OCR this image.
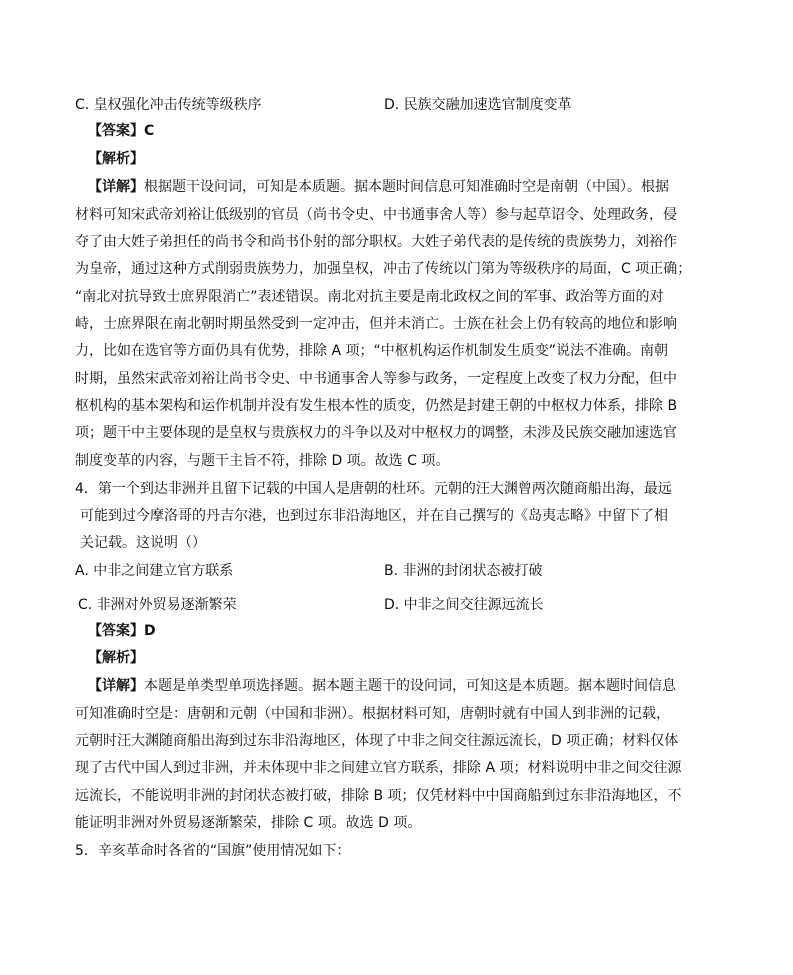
C. 皇权强化冲击传统等级秩序	D. 民族交融加速选官制度变革
【答案】C
【解析】
【详解】根据题干设问词，可知是本质题。据本题时间信息可知准确时空是南朝（中国）。根据
材料可知宋武帝刘裕让低级别的官员（尚书令史、中书通事舍人等）参与起草诏令、处理政务，侵
夺了由大姓子弟担任的尚书令和尚书仆射的部分职权。大姓子弟代表的是传统的贵族势力，刘裕作
为皇帝，通过这种方式削弱贵族势力，加强皇权，冲击了传统以门第为等级秩序的局面，C 项正确；
“南北对抗导致士庶界限消亡”表述错误。南北对抗主要是南北政权之间的军事、政治等方面的对
峙，士庶界限在南北朝时期虽然受到一定冲击，但并未消亡。士族在社会上仍有较高的地位和影响
力，比如在选官等方面仍具有优势，排除 A 项；“中枢机构运作机制发生质变”说法不准确。南朝
时期，虽然宋武帝刘裕让尚书令史、中书通事舍人等参与政务，一定程度上改变了权力分配，但中
枢机构的基本架构和运作机制并没有发生根本性的质变，仍然是封建王朝的中枢权力体系，排除 B
项；题干中主要体现的是皇权与贵族权力的斗争以及对中枢权力的调整，未涉及民族交融加速选官
制度变革的内容，与题干主旨不符，排除 D 项。故选 C 项。
4．第一个到达非洲并且留下记载的中国人是唐朝的杜环。元朝的汪大渊曾两次随商船出海，最远
可能到过今摩洛哥的丹吉尔港，也到过东非沿海地区，并在自己撰写的《岛夷志略》中留下了相
关记载。这说明（）
A. 中非之间建立官方联系	B. 非洲的封闭状态被打破
C. 非洲对外贸易逐渐繁荣	D. 中非之间交往源远流长
【答案】D
【解析】
【详解】本题是单类型单项选择题。据本题主题干的设问词，可知这是本质题。据本题时间信息
可知准确时空是：唐朝和元朝（中国和非洲）。根据材料可知，唐朝时就有中国人到非洲的记载，
元朝时汪大渊随商船出海到过东非沿海地区，体现了中非之间交往源远流长，D 项正确；材料仅体
现了古代中国人到过非洲，并未体现中非之间建立官方联系，排除 A 项；材料说明中非之间交往源
远流长，不能说明非洲的封闭状态被打破，排除 B 项；仅凭材料中中国商船到过东非沿海地区，不
能证明非洲对外贸易逐渐繁荣，排除 C 项。故选 D 项。
5．辛亥革命时各省的“国旗”使用情况如下：
